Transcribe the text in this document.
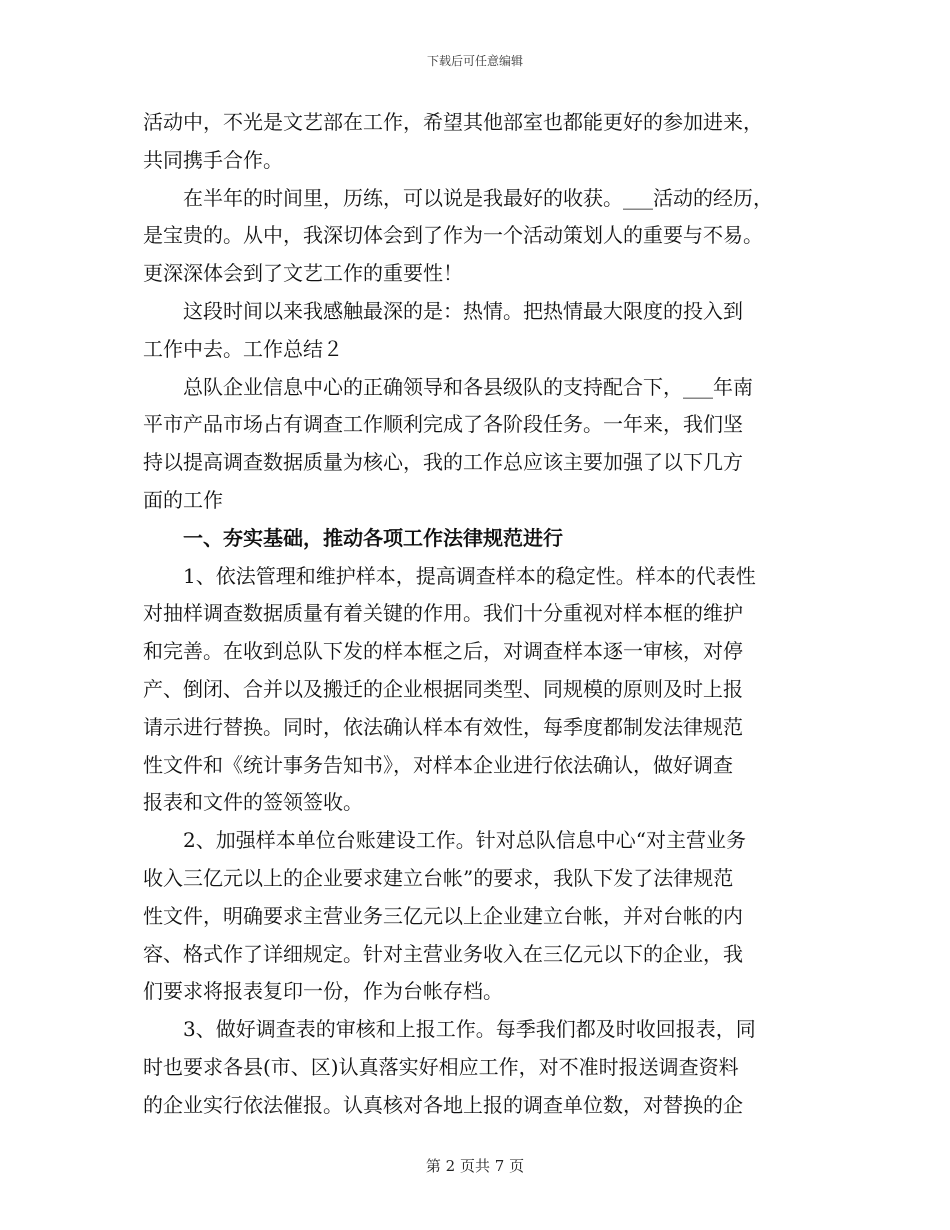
下载后可任意编辑
活动中，不光是文艺部在工作，希望其他部室也都能更好的参加进来，
共同携手合作。
在半年的时间里，历练，可以说是我最好的收获。___活动的经历，
是宝贵的。从中，我深切体会到了作为一个活动策划人的重要与不易。
更深深体会到了文艺工作的重要性！
这段时间以来我感触最深的是：热情。把热情最大限度的投入到
工作中去。工作总结２
总队企业信息中心的正确领导和各县级队的支持配合下，___年南
平市产品市场占有调查工作顺利完成了各阶段任务。一年来，我们坚
持以提高调查数据质量为核心，我的工作总应该主要加强了以下几方
面的工作
一、夯实基础，推动各项工作法律规范进行
1、依法管理和维护样本，提高调查样本的稳定性。样本的代表性
对抽样调查数据质量有着关键的作用。我们十分重视对样本框的维护
和完善。在收到总队下发的样本框之后，对调查样本逐一审核，对停
产、倒闭、合并以及搬迁的企业根据同类型、同规模的原则及时上报
请示进行替换。同时，依法确认样本有效性，每季度都制发法律规范
性文件和《统计事务告知书》，对样本企业进行依法确认，做好调查
报表和文件的签领签收。
2、加强样本单位台账建设工作。针对总队信息中心“对主营业务
收入三亿元以上的企业要求建立台帐”的要求，我队下发了法律规范
性文件，明确要求主营业务三亿元以上企业建立台帐，并对台帐的内
容、格式作了详细规定。针对主营业务收入在三亿元以下的企业，我
们要求将报表复印一份，作为台帐存档。
3、做好调查表的审核和上报工作。每季我们都及时收回报表，同
时也要求各县(市、区)认真落实好相应工作，对不准时报送调查资料
的企业实行依法催报。认真核对各地上报的调查单位数，对替换的企
第 2 页共 7 页
